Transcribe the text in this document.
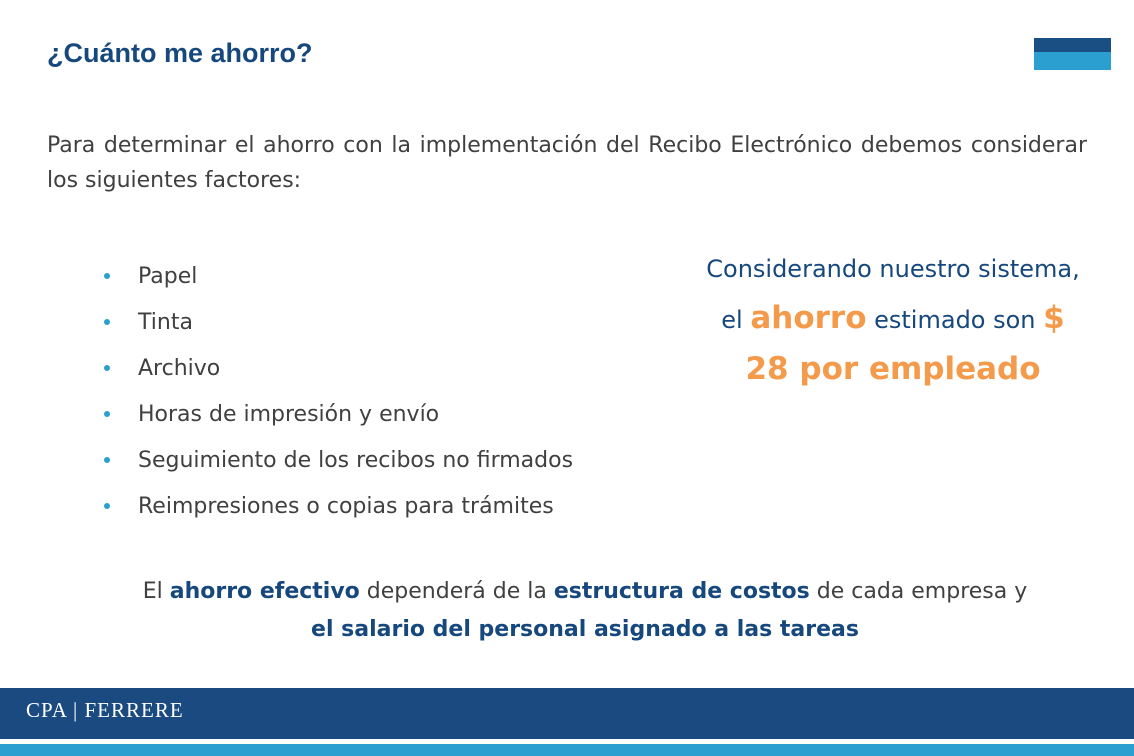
¿Cuánto me ahorro?
Para determinar el ahorro con la implementación del Recibo Electrónico debemos considerar los siguientes factores:
Papel
Tinta
Archivo
Horas de impresión y envío
Seguimiento de los recibos no firmados
Reimpresiones o copias para trámites
Considerando nuestro sistema, el ahorro estimado son $ 28 por empleado
El ahorro efectivo dependerá de la estructura de costos de cada empresa y el salario del personal asignado a las tareas
CPA | FERRERE
